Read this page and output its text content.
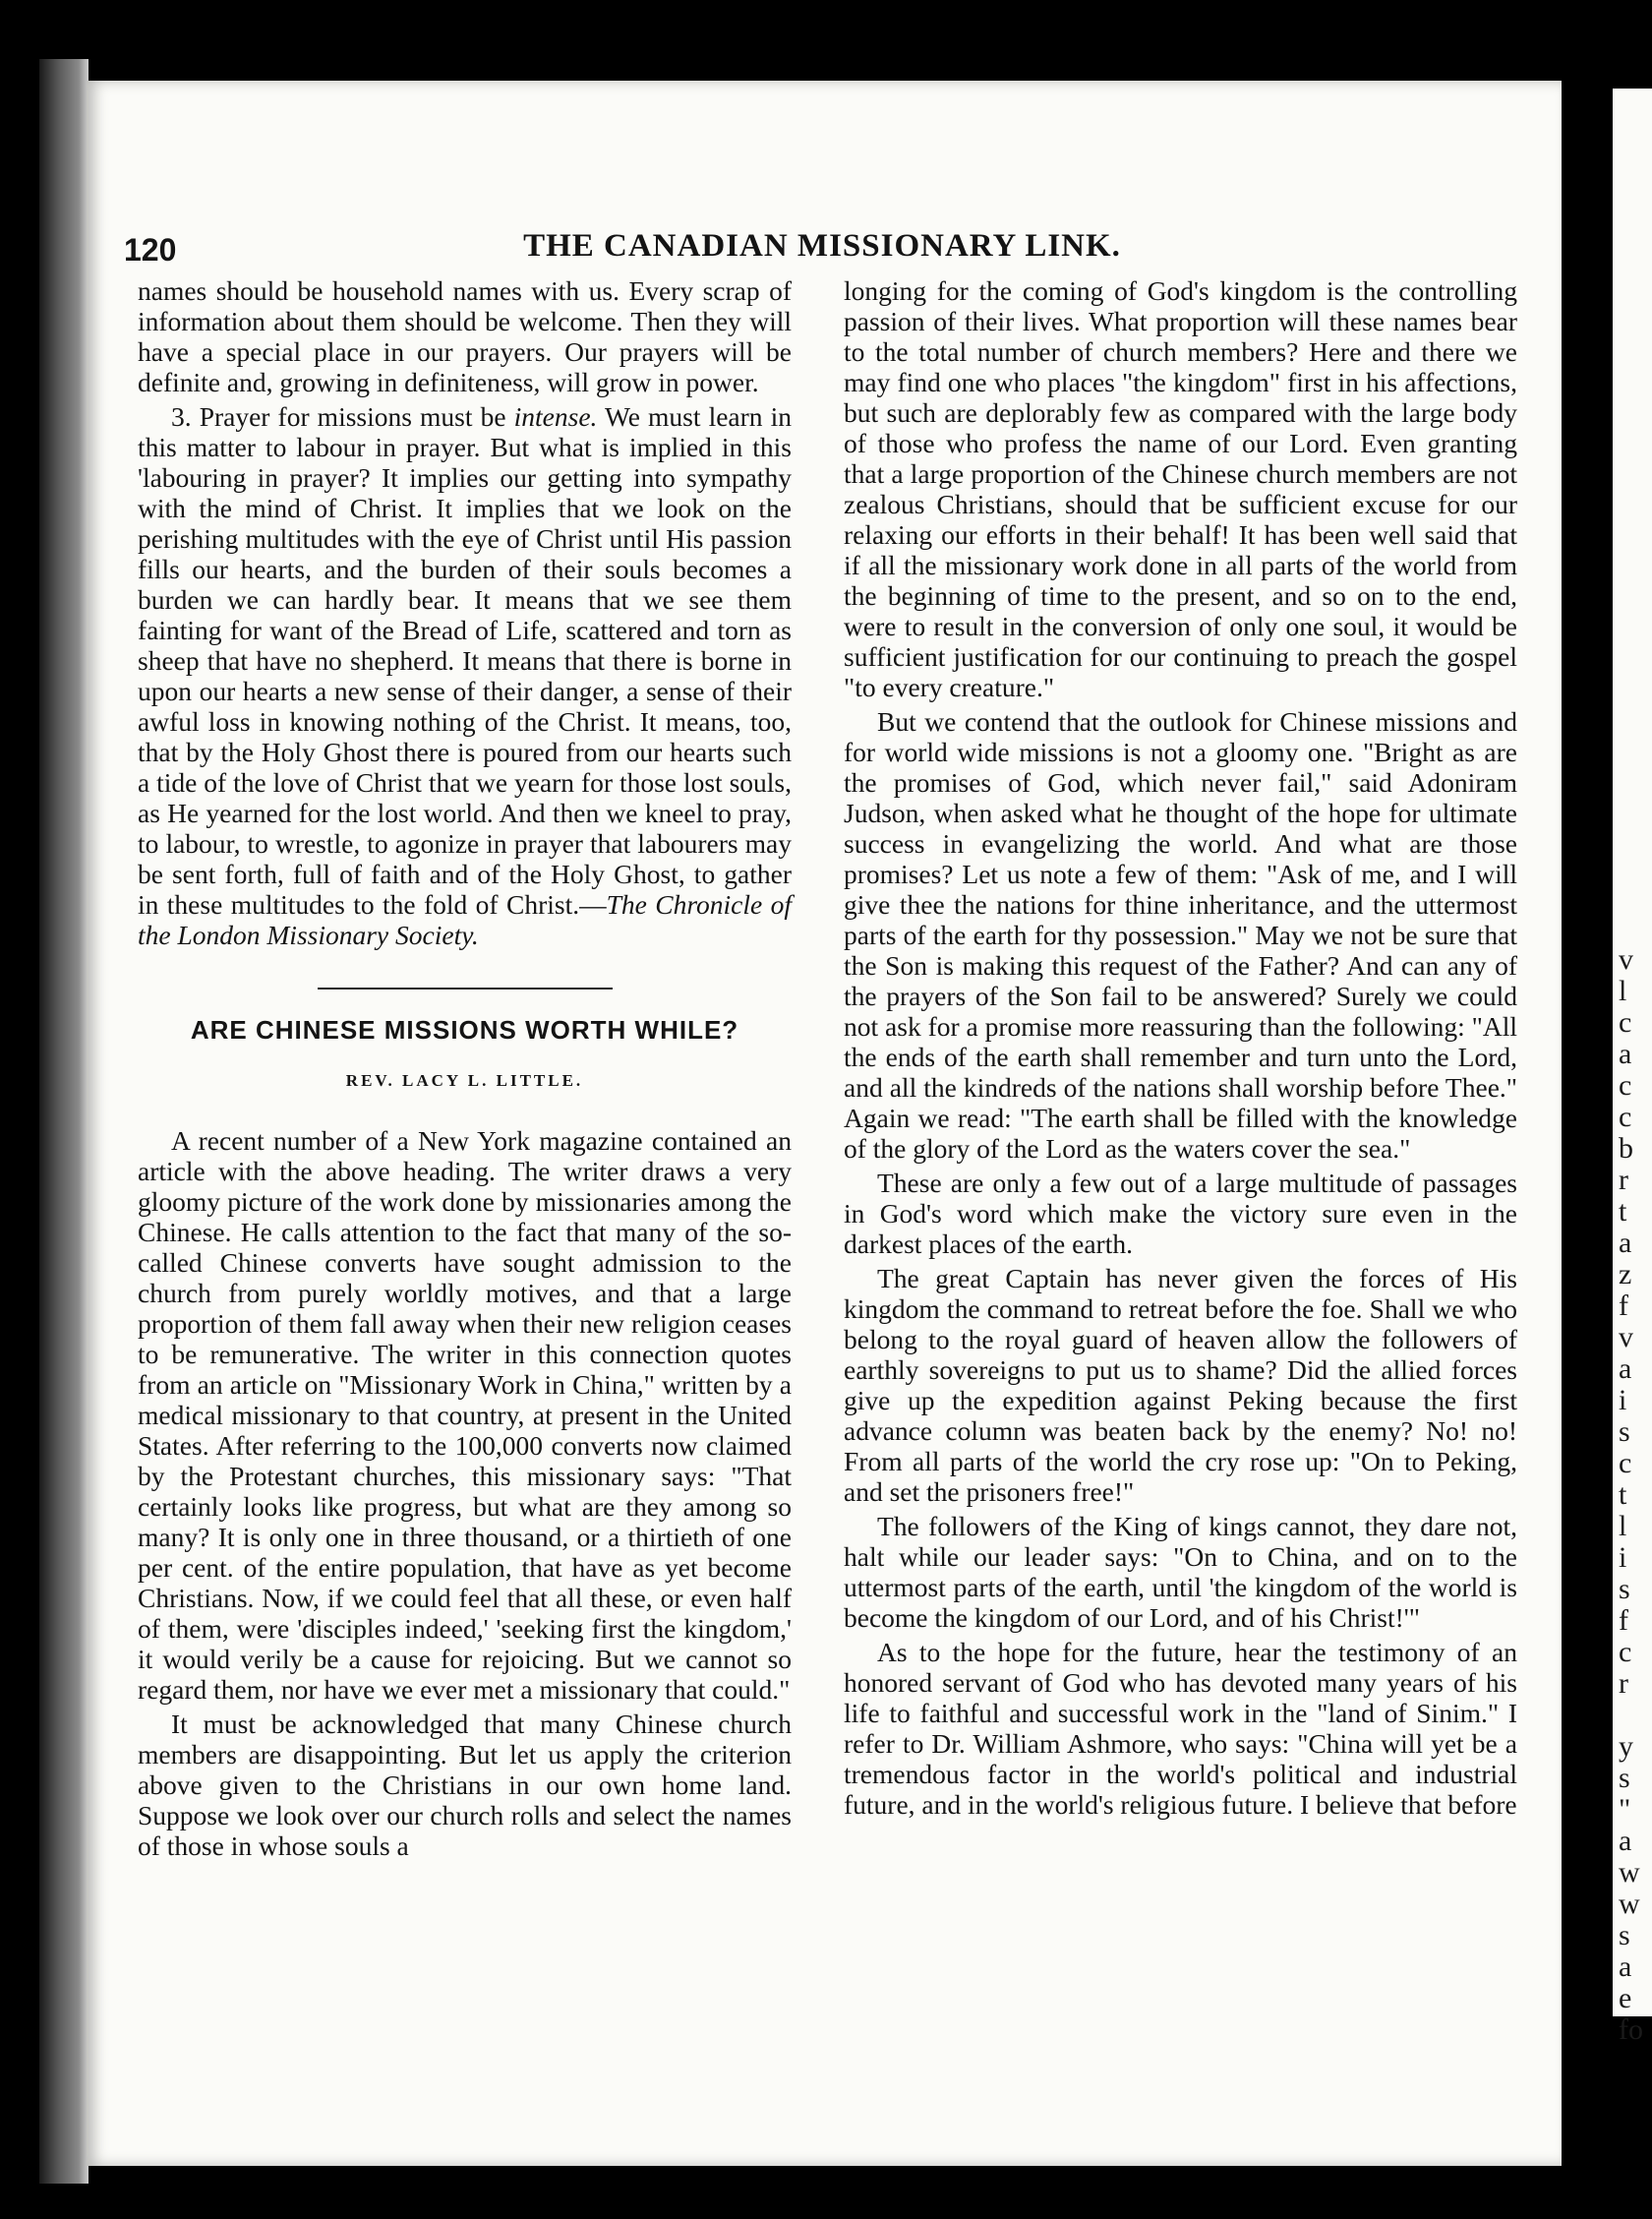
v
l
c
a
c
c
b
r
t
a
z
f
v
a
i
s
c
t
l
i
s
f
c
r
y
s
"
a
w
w
s
a
e
fo
120	THE CANADIAN MISSIONARY LINK.

names should be household names with us. Every scrap of information about them should be welcome. Then they will have a special place in our prayers. Our prayers will be definite and, growing in definiteness, will grow in power.

3. Prayer for missions must be intense. We must learn in this matter to labour in prayer. But what is implied in this 'labouring in prayer? It implies our getting into sympathy with the mind of Christ. It implies that we look on the perishing multitudes with the eye of Christ until His passion fills our hearts, and the burden of their souls becomes a burden we can hardly bear. It means that we see them fainting for want of the Bread of Life, scattered and torn as sheep that have no shepherd. It means that there is borne in upon our hearts a new sense of their danger, a sense of their awful loss in knowing nothing of the Christ. It means, too, that by the Holy Ghost there is poured from our hearts such a tide of the love of Christ that we yearn for those lost souls, as He yearned for the lost world. And then we kneel to pray, to labour, to wrestle, to agonize in prayer that labourers may be sent forth, full of faith and of the Holy Ghost, to gather in these multitudes to the fold of Christ.—The Chronicle of the London Missionary Society.

ARE CHINESE MISSIONS WORTH WHILE?
REV. LACY L. LITTLE.

A recent number of a New York magazine contained an article with the above heading. The writer draws a very gloomy picture of the work done by missionaries among the Chinese. He calls attention to the fact that many of the so-called Chinese converts have sought admission to the church from purely worldly motives, and that a large proportion of them fall away when their new religion ceases to be remunerative. The writer in this connection quotes from an article on "Missionary Work in China," written by a medical missionary to that country, at present in the United States. After referring to the 100,000 converts now claimed by the Protestant churches, this missionary says: "That certainly looks like progress, but what are they among so many? It is only one in three thousand, or a thirtieth of one per cent. of the entire population, that have as yet become Christians. Now, if we could feel that all these, or even half of them, were 'disciples indeed,' 'seeking first the kingdom,' it would verily be a cause for rejoicing. But we cannot so regard them, nor have we ever met a missionary that could."

It must be acknowledged that many Chinese church members are disappointing. But let us apply the criterion above given to the Christians in our own home land. Suppose we look over our church rolls and select the names of those in whose souls a

longing for the coming of God's kingdom is the controlling passion of their lives. What proportion will these names bear to the total number of church members? Here and there we may find one who places "the kingdom" first in his affections, but such are deplorably few as compared with the large body of those who profess the name of our Lord. Even granting that a large proportion of the Chinese church members are not zealous Christians, should that be sufficient excuse for our relaxing our efforts in their behalf! It has been well said that if all the missionary work done in all parts of the world from the beginning of time to the present, and so on to the end, were to result in the conversion of only one soul, it would be sufficient justification for our continuing to preach the gospel "to every creature."

But we contend that the outlook for Chinese missions and for world wide missions is not a gloomy one. "Bright as are the promises of God, which never fail," said Adoniram Judson, when asked what he thought of the hope for ultimate success in evangelizing the world. And what are those promises? Let us note a few of them: "Ask of me, and I will give thee the nations for thine inheritance, and the uttermost parts of the earth for thy possession." May we not be sure that the Son is making this request of the Father? And can any of the prayers of the Son fail to be answered? Surely we could not ask for a promise more reassuring than the following: "All the ends of the earth shall remember and turn unto the Lord, and all the kindreds of the nations shall worship before Thee." Again we read: "The earth shall be filled with the knowledge of the glory of the Lord as the waters cover the sea."

These are only a few out of a large multitude of passages in God's word which make the victory sure even in the darkest places of the earth.

The great Captain has never given the forces of His kingdom the command to retreat before the foe. Shall we who belong to the royal guard of heaven allow the followers of earthly sovereigns to put us to shame? Did the allied forces give up the expedition against Peking because the first advance column was beaten back by the enemy? No! no! From all parts of the world the cry rose up: "On to Peking, and set the prisoners free!"

The followers of the King of kings cannot, they dare not, halt while our leader says: "On to China, and on to the uttermost parts of the earth, until 'the kingdom of the world is become the kingdom of our Lord, and of his Christ!'"

As to the hope for the future, hear the testimony of an honored servant of God who has devoted many years of his life to faithful and successful work in the "land of Sinim." I refer to Dr. William Ashmore, who says: "China will yet be a tremendous factor in the world's political and industrial future, and in the world's religious future. I believe that before
